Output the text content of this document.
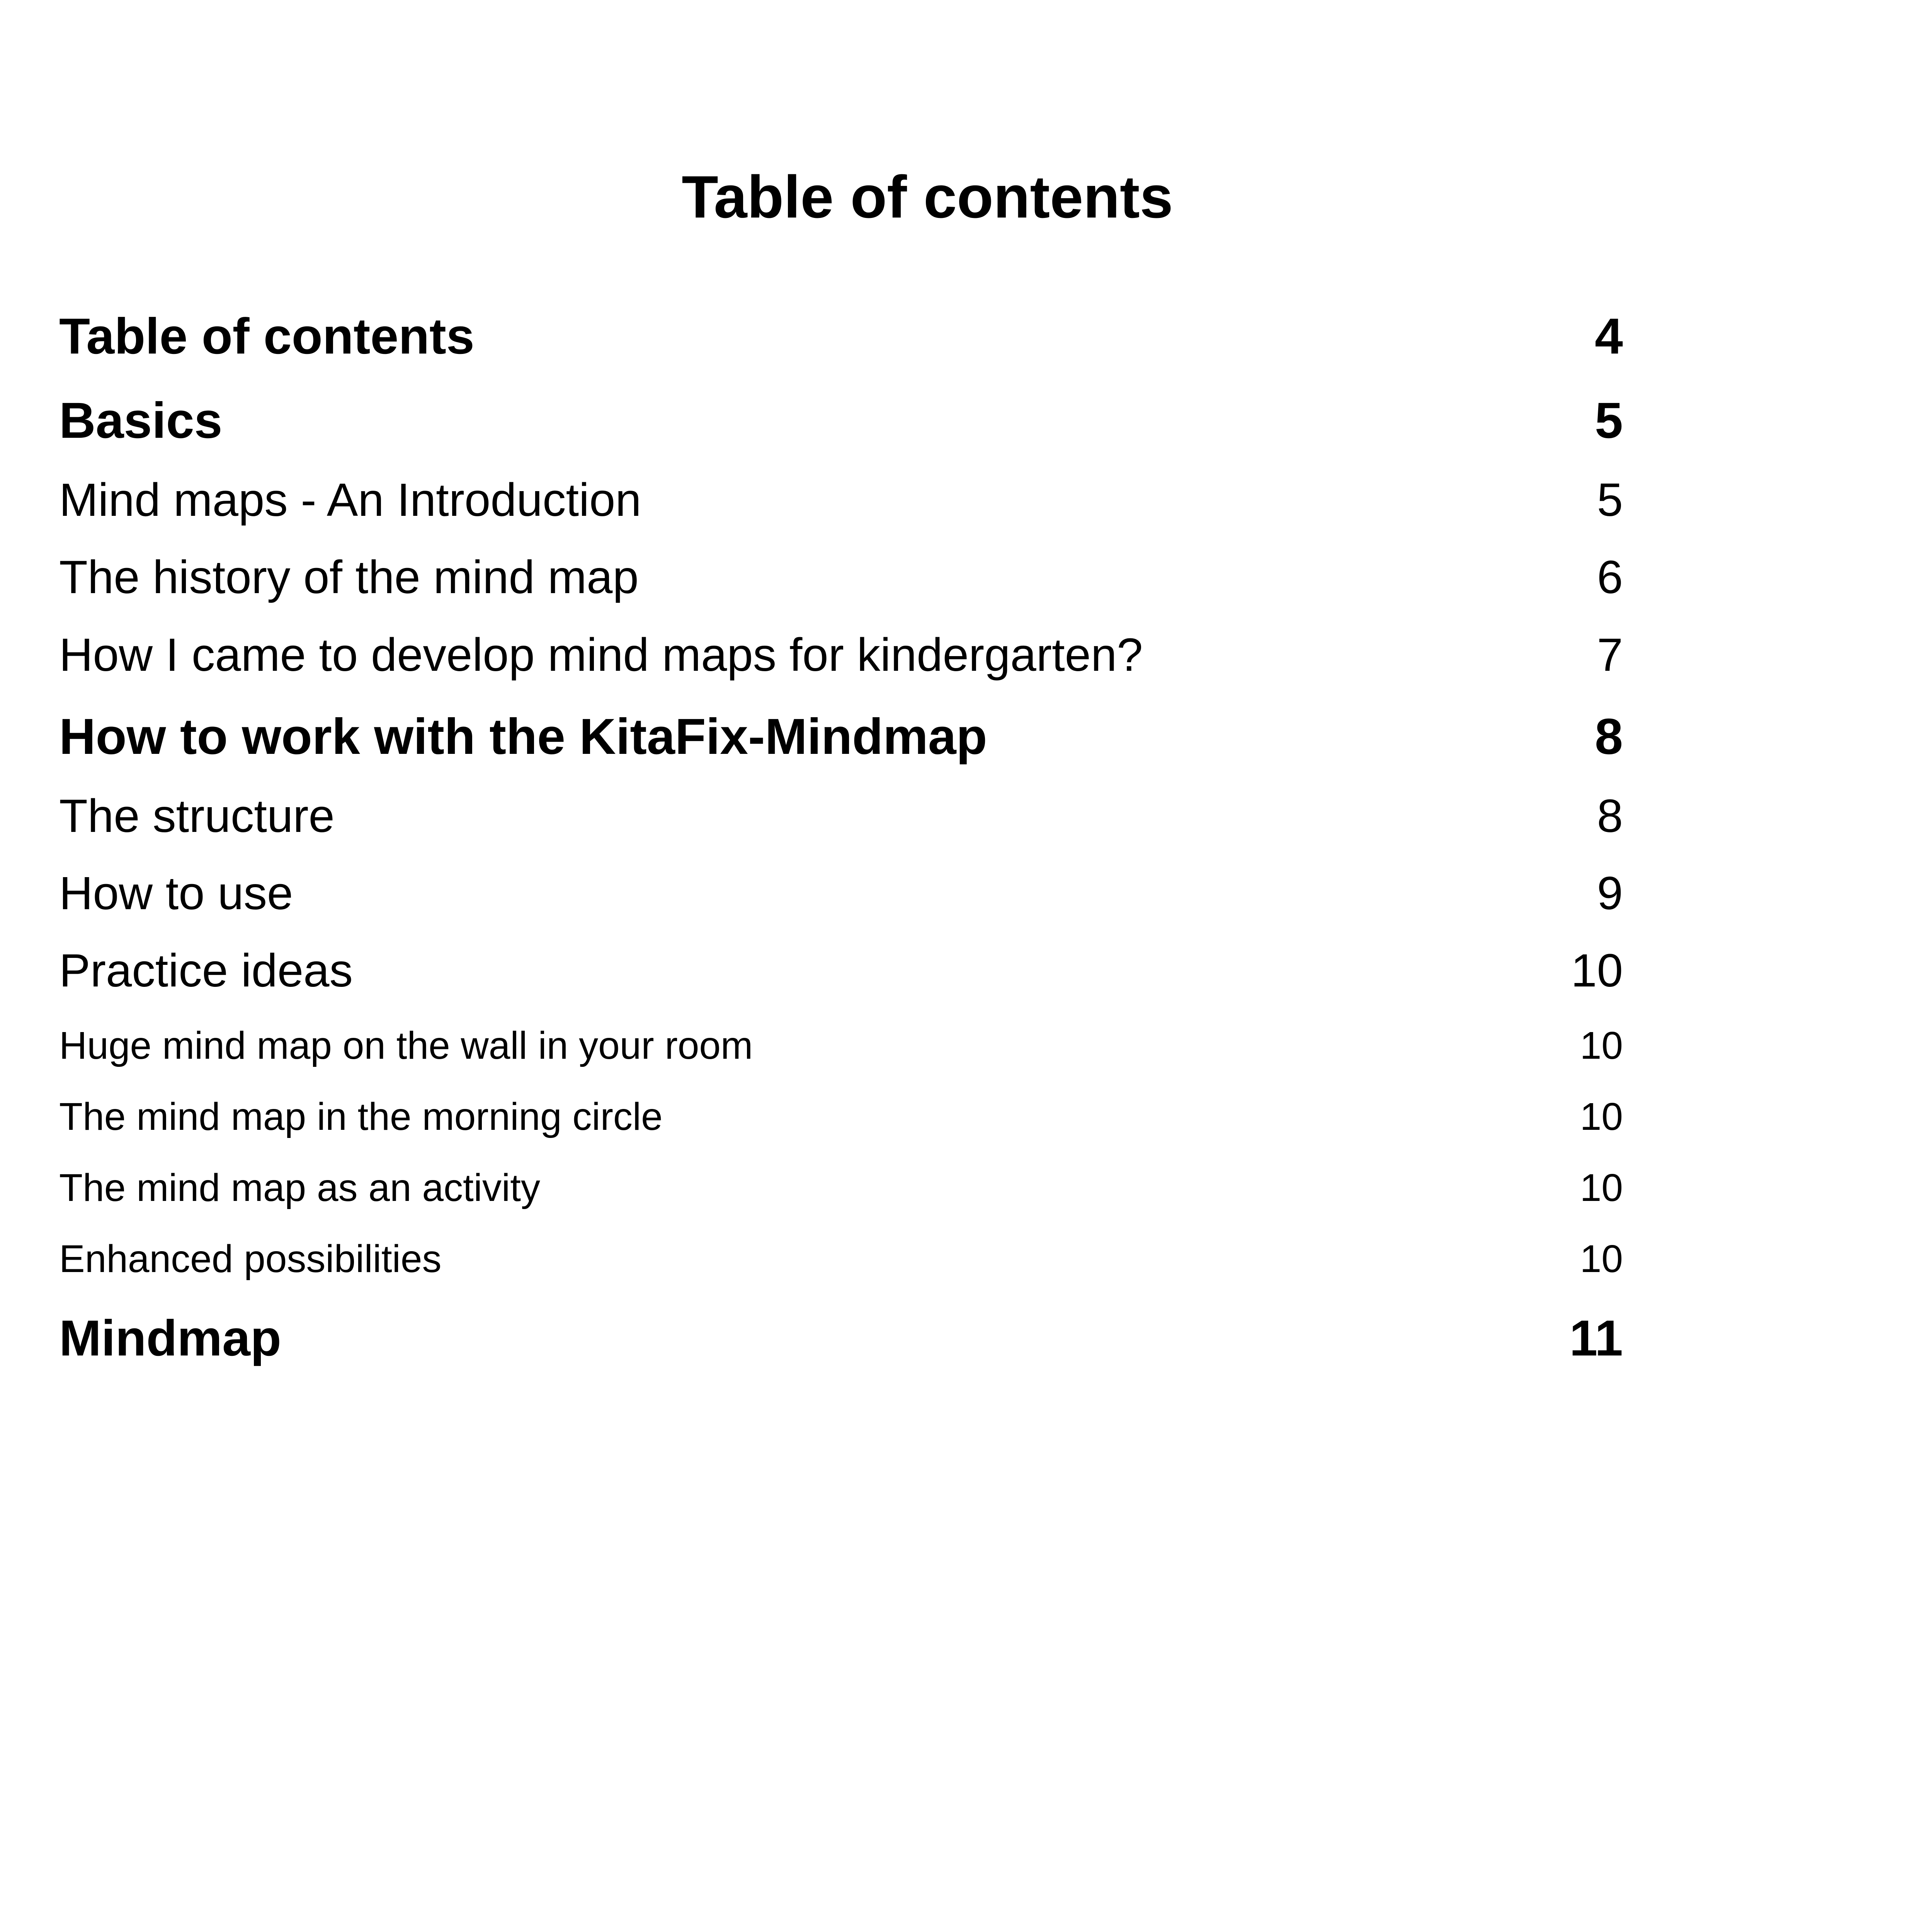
Table of contents
Table of contents	4
Basics	5
Mind maps - An Introduction	5
The history of the mind map	6
How I came to develop mind maps for kindergarten?	7
How to work with the KitaFix-Mindmap	8
The structure	8
How to use	9
Practice ideas	10
Huge mind map on the wall in your room	10
The mind map in the morning circle	10
The mind map as an activity	10
Enhanced possibilities	10
Mindmap	11
